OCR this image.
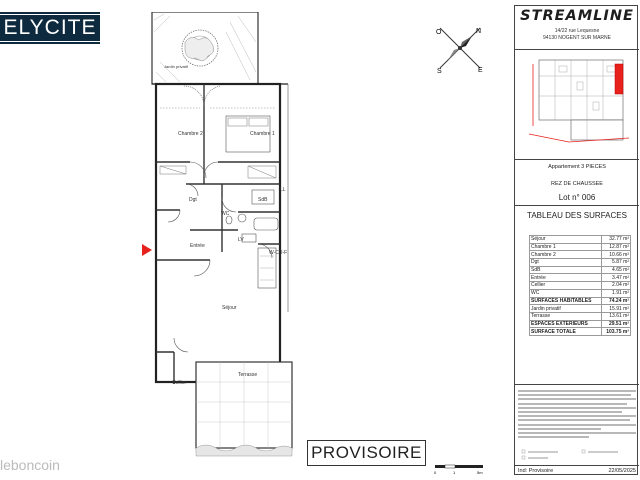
ELYCITE
Jardin privatif
Chambre 2	Chambre 1
SdB
Dgt
WC
LL
LV
Entrée
W-CU-F
Séjour
Cellier
Terrasse
N
E
S
O
PROVISOIRE
0	1	5m
leboncoin
STREAMLINE
14/22 rue Lequesne
94130 NOGENT SUR MARNE
Appartement 3 PIECES
REZ DE CHAUSSEE
Lot n° 006
TABLEAU DES SURFACES
Séjour	32.77 m²
Chambre 1	12.87 m²
Chambre 2	10.66 m²
Dgt	5.87 m²
SdB	4.65 m²
Entrée	3.47 m²
Cellier	2.04 m²
WC	1.91 m²
SURFACES HABITABLES	74.24 m²
Jardin privatif	15.91 m²
Terrasse	13.61 m²
ESPACES EXTERIEURS	29.51 m²
SURFACE TOTALE	103.75 m²
Ind: Provisoire	22/05/2025
